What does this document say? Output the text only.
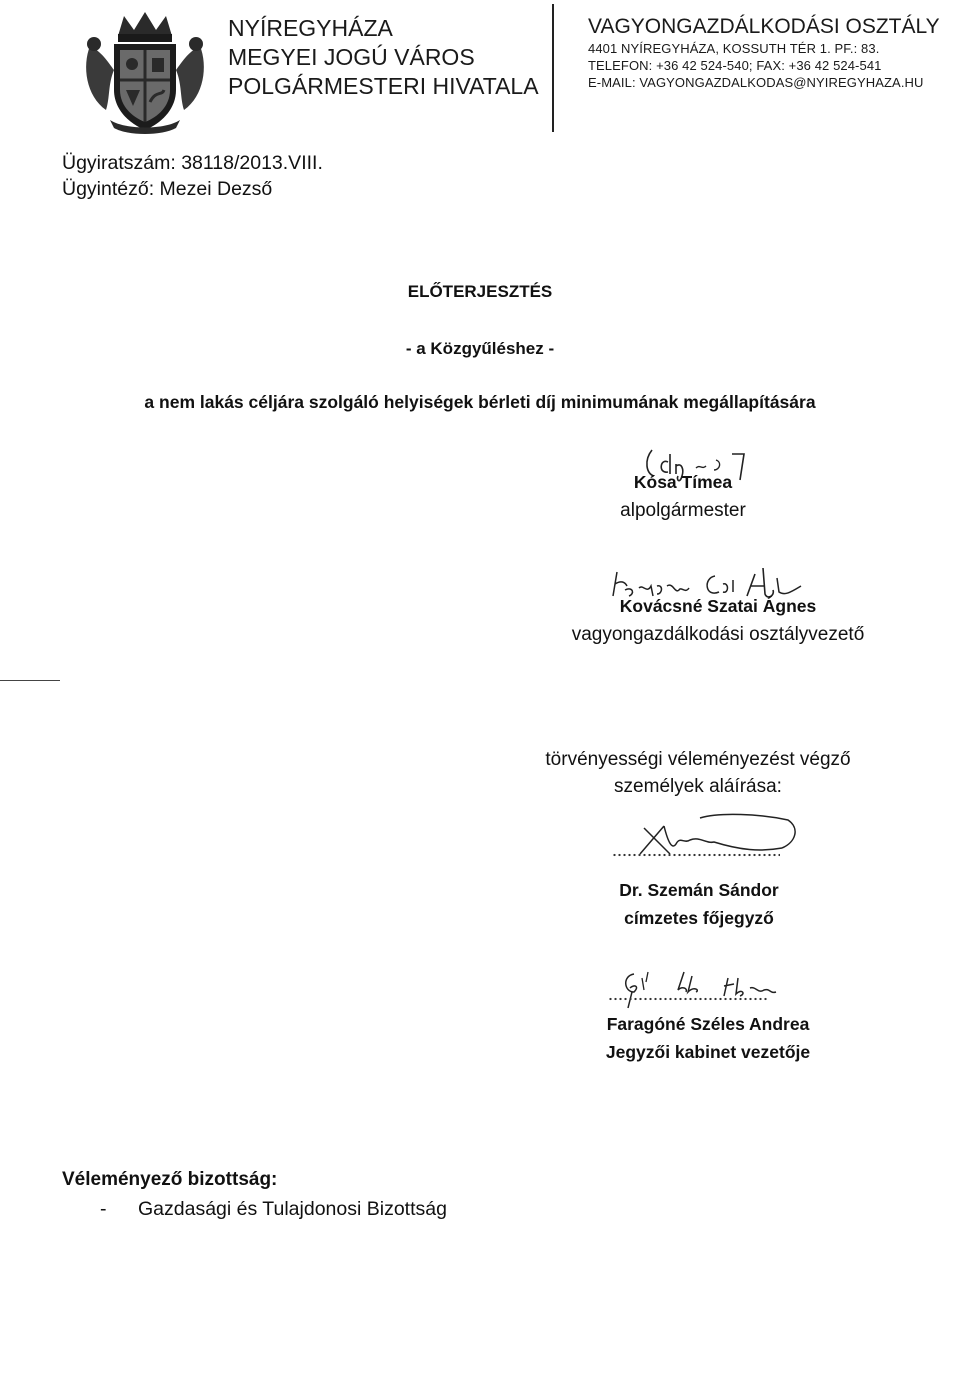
NYÍREGYHÁZA
MEGYEI JOGÚ VÁROS
POLGÁRMESTERI HIVATALA
VAGYONGAZDÁLKODÁSI OSZTÁLY
4401 NYÍREGYHÁZA, KOSSUTH TÉR 1. PF.: 83.
TELEFON: +36 42 524-540; FAX: +36 42 524-541
E-MAIL: VAGYONGAZDALKODAS@NYIREGYHAZA.HU
Ügyiratszám: 38118/2013.VIII.
Ügyintéző: Mezei Dezső
ELŐTERJESZTÉS
- a Közgyűléshez -
a nem lakás céljára szolgáló helyiségek bérleti díj minimumának megállapítására
Kósa Tímea
alpolgármester
Kovácsné Szatai Ágnes
vagyongazdálkodási osztályvezető
törvényességi véleményezést végző
személyek aláírása:
Dr. Szemán Sándor
címzetes főjegyző
Faragóné Széles Andrea
Jegyzői kabinet vezetője
Véleményező bizottság:
- Gazdasági és Tulajdonosi Bizottság
